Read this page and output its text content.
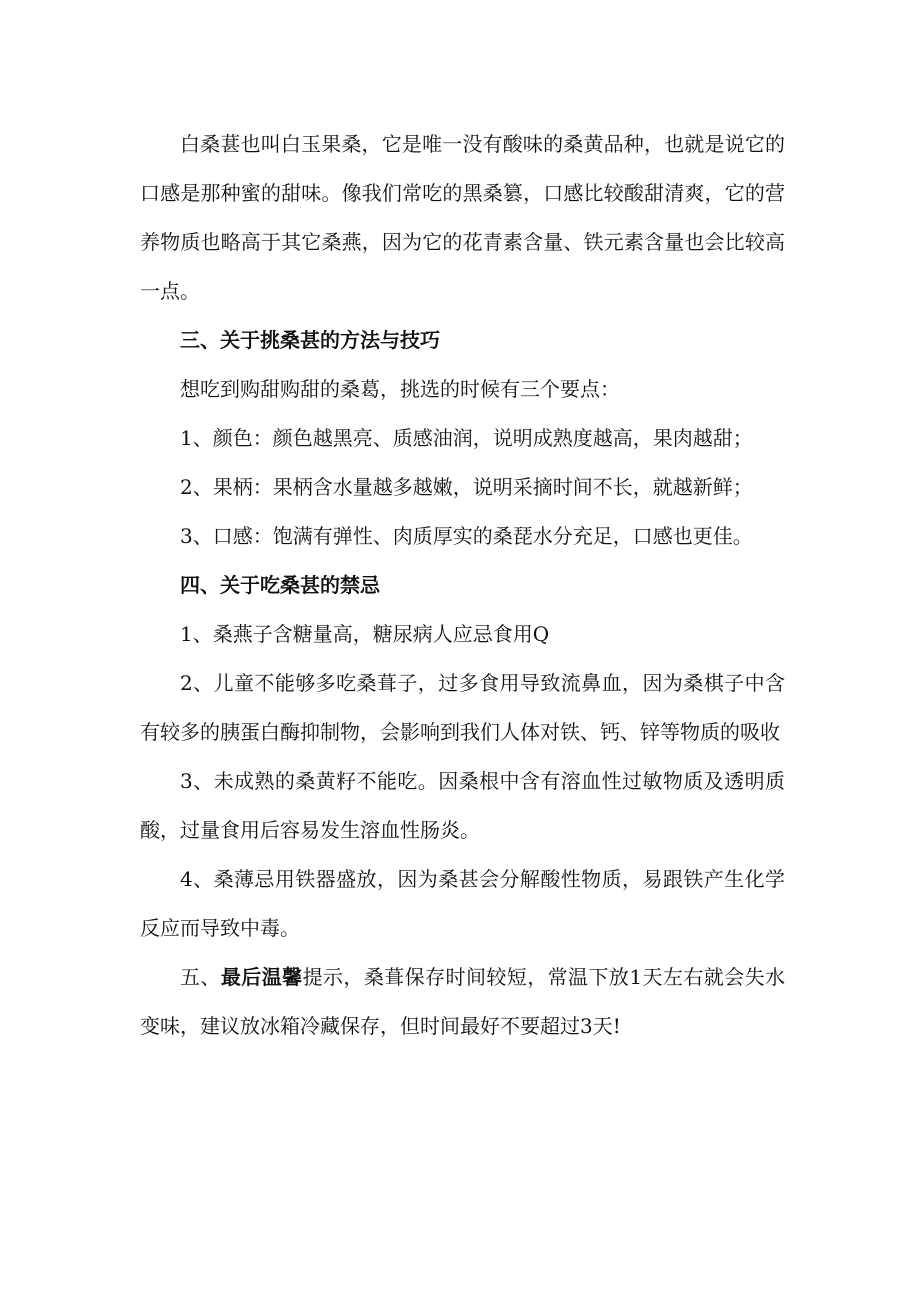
白桑葚也叫白玉果桑，它是唯一没有酸味的桑黄品种，也就是说它的口感是那种蜜的甜味。像我们常吃的黑桑篡，口感比较酸甜清爽，它的营养物质也略高于其它桑燕，因为它的花青素含量、铁元素含量也会比较高一点。

三、关于挑桑甚的方法与技巧

想吃到购甜购甜的桑葛，挑选的时候有三个要点：

1、颜色：颜色越黑亮、质感油润，说明成熟度越高，果肉越甜；

2、果柄：果柄含水量越多越嫩，说明采摘时间不长，就越新鲜；

3、口感：饱满有弹性、肉质厚实的桑琵水分充足，口感也更佳。

四、关于吃桑甚的禁忌

1、桑燕子含糖量高，糖尿病人应忌食用Q

2、儿童不能够多吃桑葺子，过多食用导致流鼻血，因为桑棋子中含有较多的胰蛋白酶抑制物，会影响到我们人体对铁、钙、锌等物质的吸收

3、未成熟的桑黄籽不能吃。因桑根中含有溶血性过敏物质及透明质酸，过量食用后容易发生溶血性肠炎。

4、桑薄忌用铁器盛放，因为桑甚会分解酸性物质，易跟铁产生化学反应而导致中毒。

五、最后温馨提示，桑葺保存时间较短，常温下放1天左右就会失水变味，建议放冰箱冷藏保存，但时间最好不要超过3天!
